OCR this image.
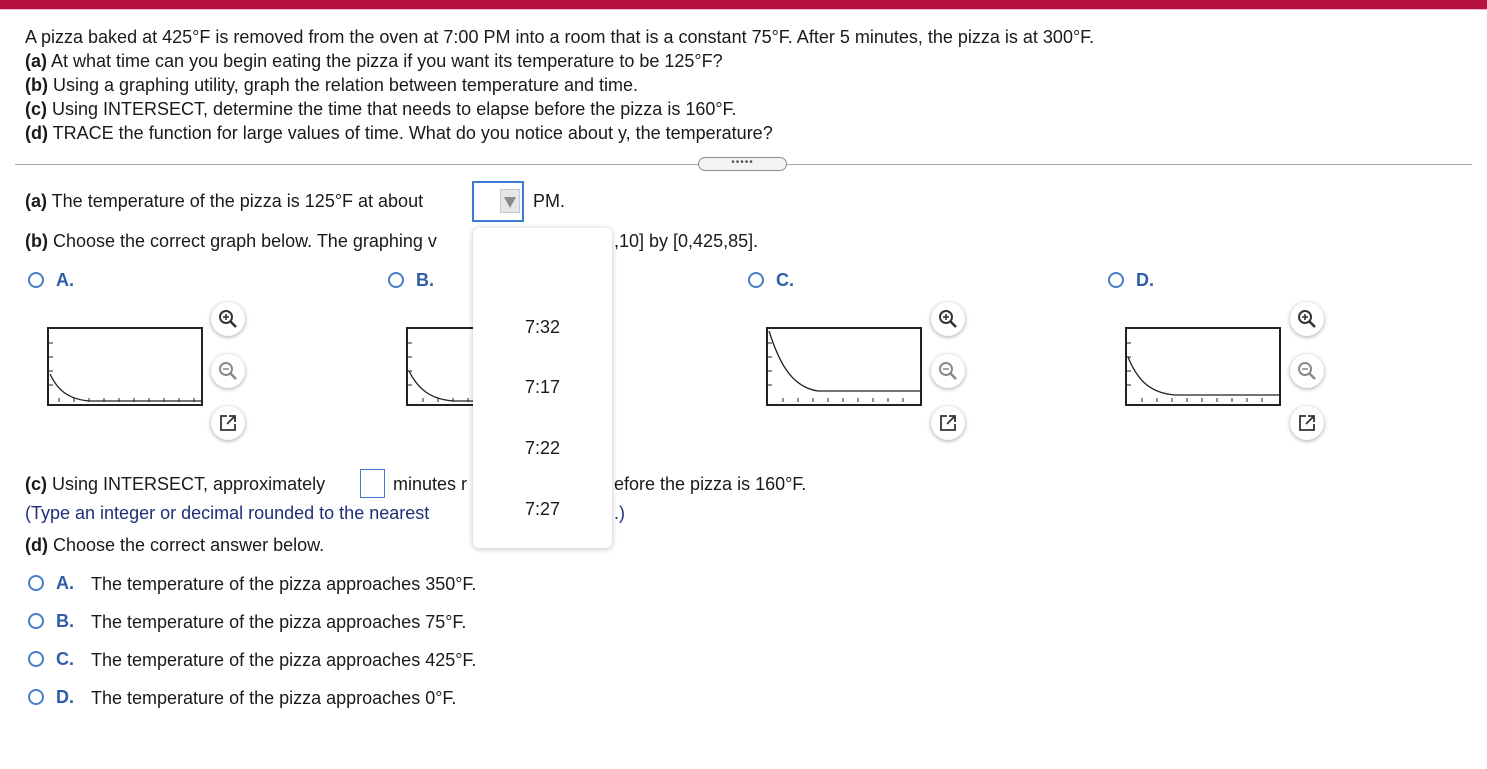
A pizza baked at 425°F is removed from the oven at 7:00 PM into a room that is a constant 75°F. After 5 minutes, the pizza is at 300°F.
(a) At what time can you begin eating the pizza if you want its temperature to be 125°F?
(b) Using a graphing utility, graph the relation between temperature and time.
(c) Using INTERSECT, determine the time that needs to elapse before the pizza is 160°F.
(d) TRACE the function for large values of time. What do you notice about y, the temperature?
•••••
(a) The temperature of the pizza is 125°F at about	PM.
(b) Choose the correct graph below. The graphing v	,10] by [0,425,85].
A.	B.	C.	D.
(c) Using INTERSECT, approximately	minutes r	efore the pizza is 160°F.
(Type an integer or decimal rounded to the nearest	.)
(d) Choose the correct answer below.
A. The temperature of the pizza approaches 350°F.
B. The temperature of the pizza approaches 75°F.
C. The temperature of the pizza approaches 425°F.
D. The temperature of the pizza approaches 0°F.
7:32
7:17
7:22
7:27
